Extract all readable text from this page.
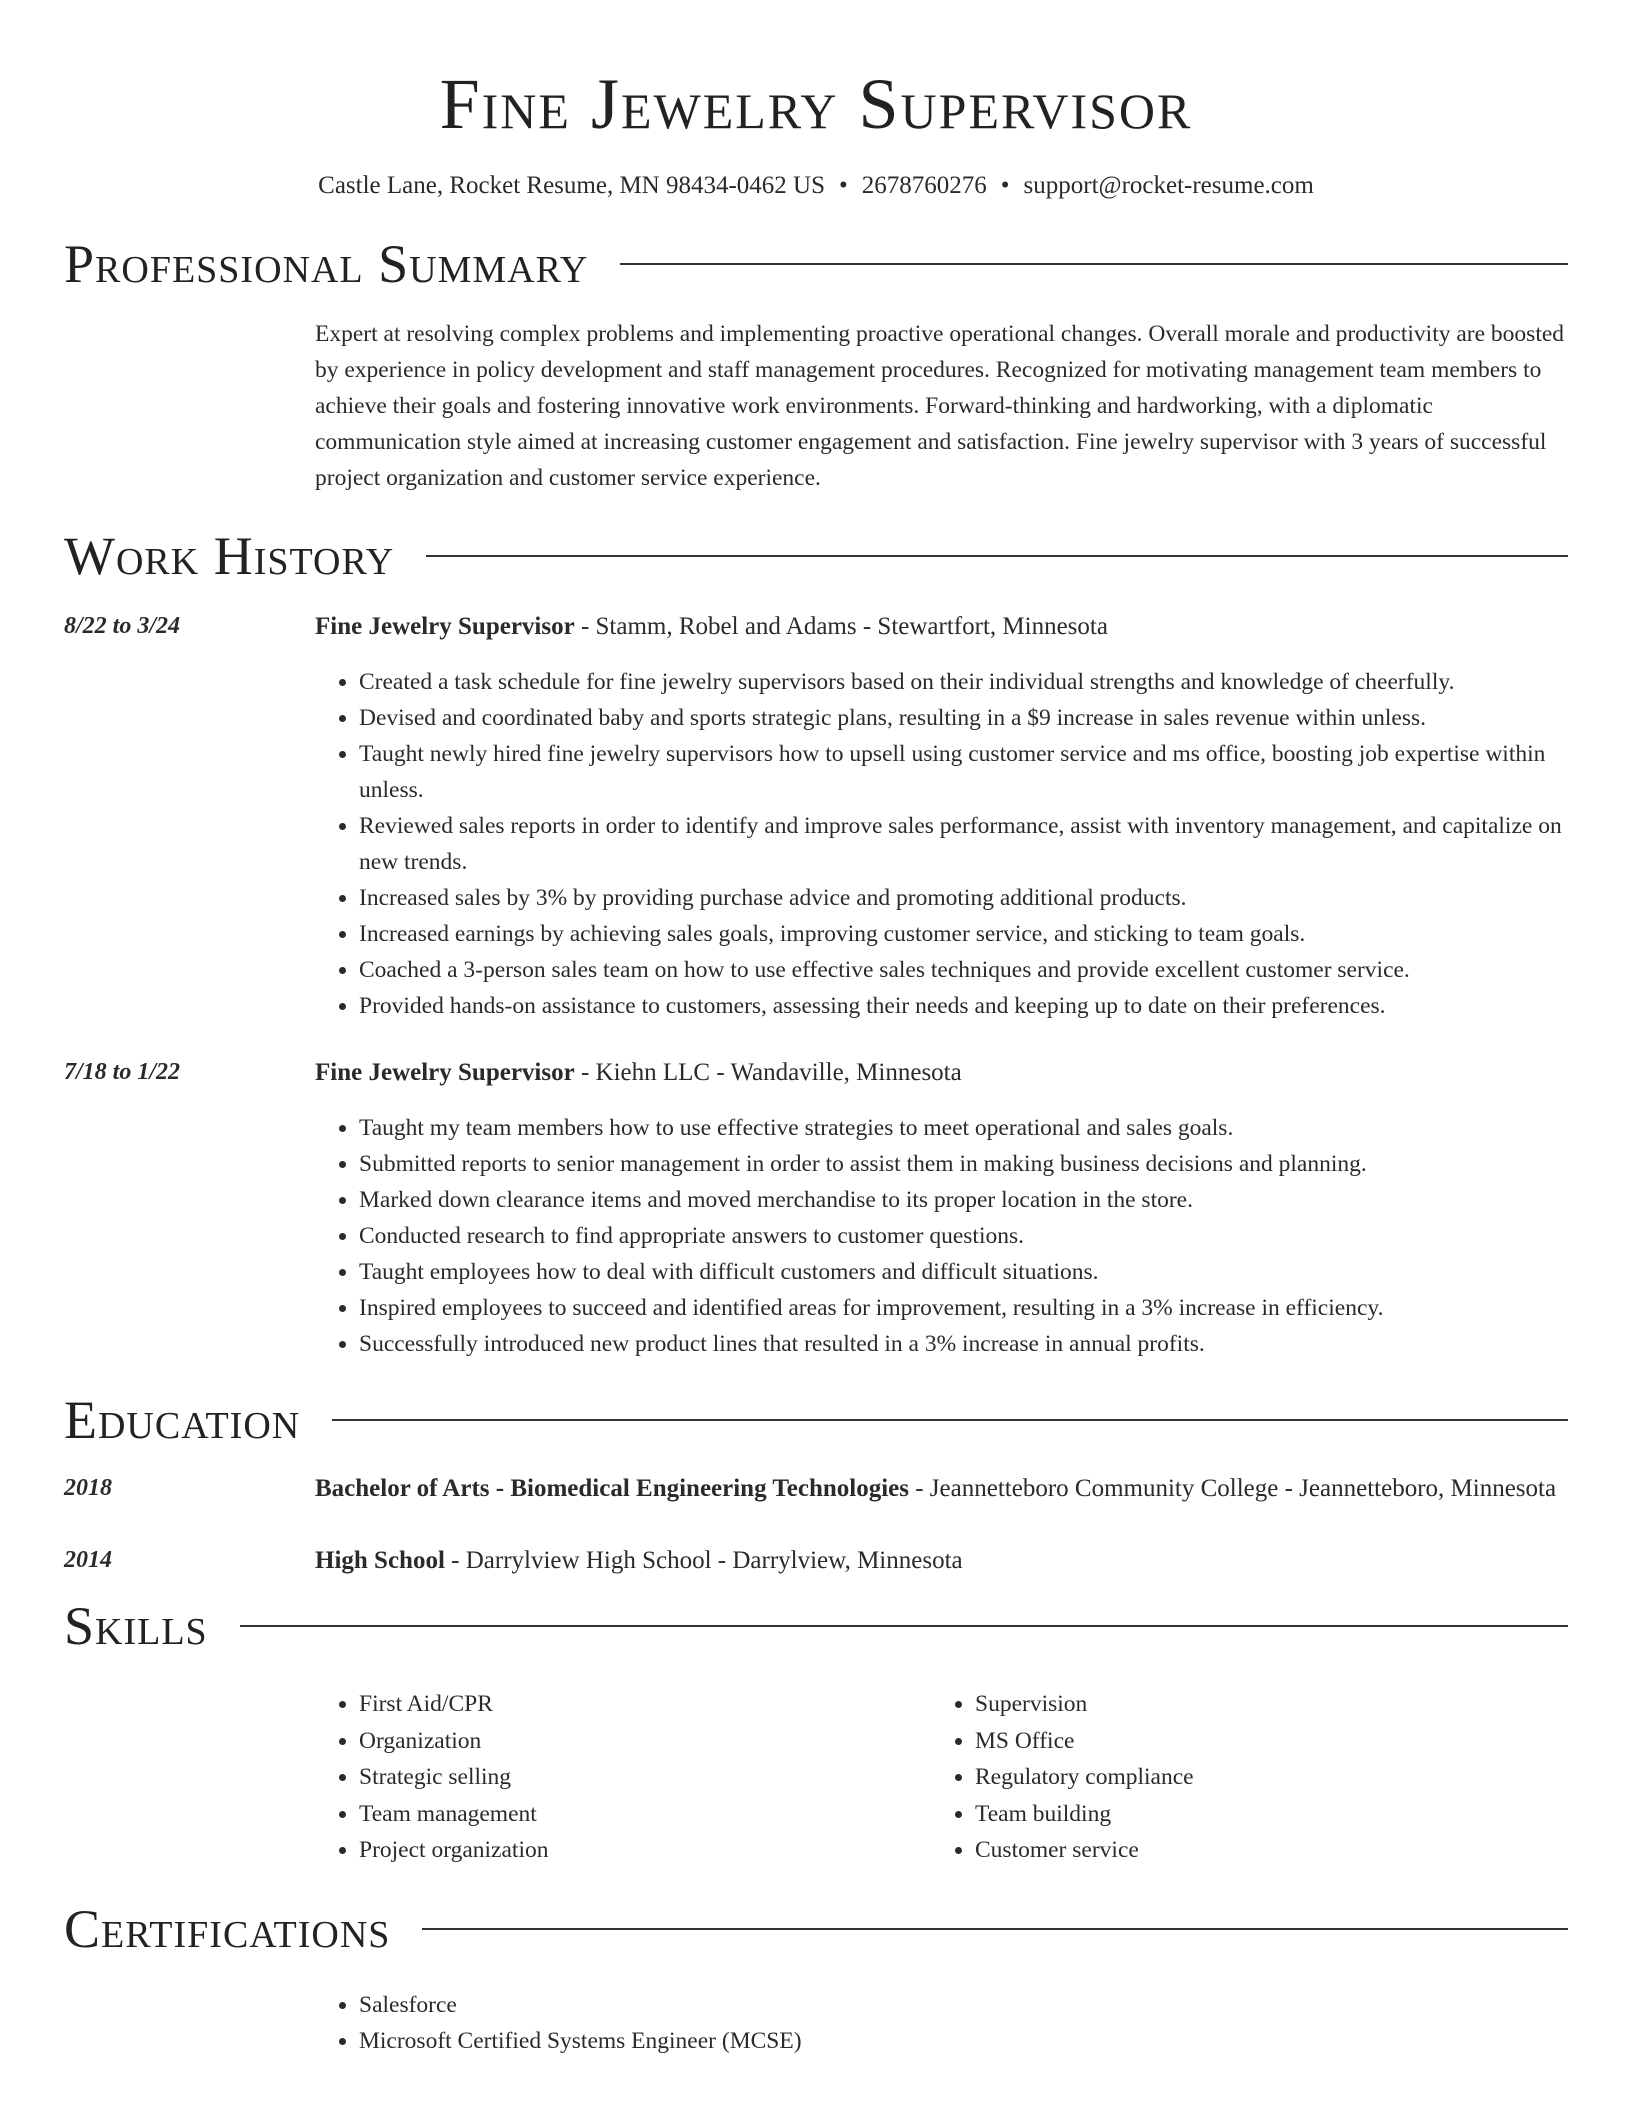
Fine Jewelry Supervisor
Castle Lane, Rocket Resume, MN 98434-0462 US • 2678760276 • support@rocket-resume.com
Professional Summary
Expert at resolving complex problems and implementing proactive operational changes. Overall morale and productivity are boosted by experience in policy development and staff management procedures. Recognized for motivating management team members to achieve their goals and fostering innovative work environments. Forward-thinking and hardworking, with a diplomatic communication style aimed at increasing customer engagement and satisfaction. Fine jewelry supervisor with 3 years of successful project organization and customer service experience.
Work History
8/22 to 3/24	Fine Jewelry Supervisor - Stamm, Robel and Adams - Stewartfort, Minnesota
• Created a task schedule for fine jewelry supervisors based on their individual strengths and knowledge of cheerfully.
• Devised and coordinated baby and sports strategic plans, resulting in a $9 increase in sales revenue within unless.
• Taught newly hired fine jewelry supervisors how to upsell using customer service and ms office, boosting job expertise within unless.
• Reviewed sales reports in order to identify and improve sales performance, assist with inventory management, and capitalize on new trends.
• Increased sales by 3% by providing purchase advice and promoting additional products.
• Increased earnings by achieving sales goals, improving customer service, and sticking to team goals.
• Coached a 3-person sales team on how to use effective sales techniques and provide excellent customer service.
• Provided hands-on assistance to customers, assessing their needs and keeping up to date on their preferences.
7/18 to 1/22	Fine Jewelry Supervisor - Kiehn LLC - Wandaville, Minnesota
• Taught my team members how to use effective strategies to meet operational and sales goals.
• Submitted reports to senior management in order to assist them in making business decisions and planning.
• Marked down clearance items and moved merchandise to its proper location in the store.
• Conducted research to find appropriate answers to customer questions.
• Taught employees how to deal with difficult customers and difficult situations.
• Inspired employees to succeed and identified areas for improvement, resulting in a 3% increase in efficiency.
• Successfully introduced new product lines that resulted in a 3% increase in annual profits.
Education
2018	Bachelor of Arts - Biomedical Engineering Technologies - Jeannetteboro Community College - Jeannetteboro, Minnesota
2014	High School - Darrylview High School - Darrylview, Minnesota
Skills
• First Aid/CPR
• Organization
• Strategic selling
• Team management
• Project organization
• Supervision
• MS Office
• Regulatory compliance
• Team building
• Customer service
Certifications
• Salesforce
• Microsoft Certified Systems Engineer (MCSE)
